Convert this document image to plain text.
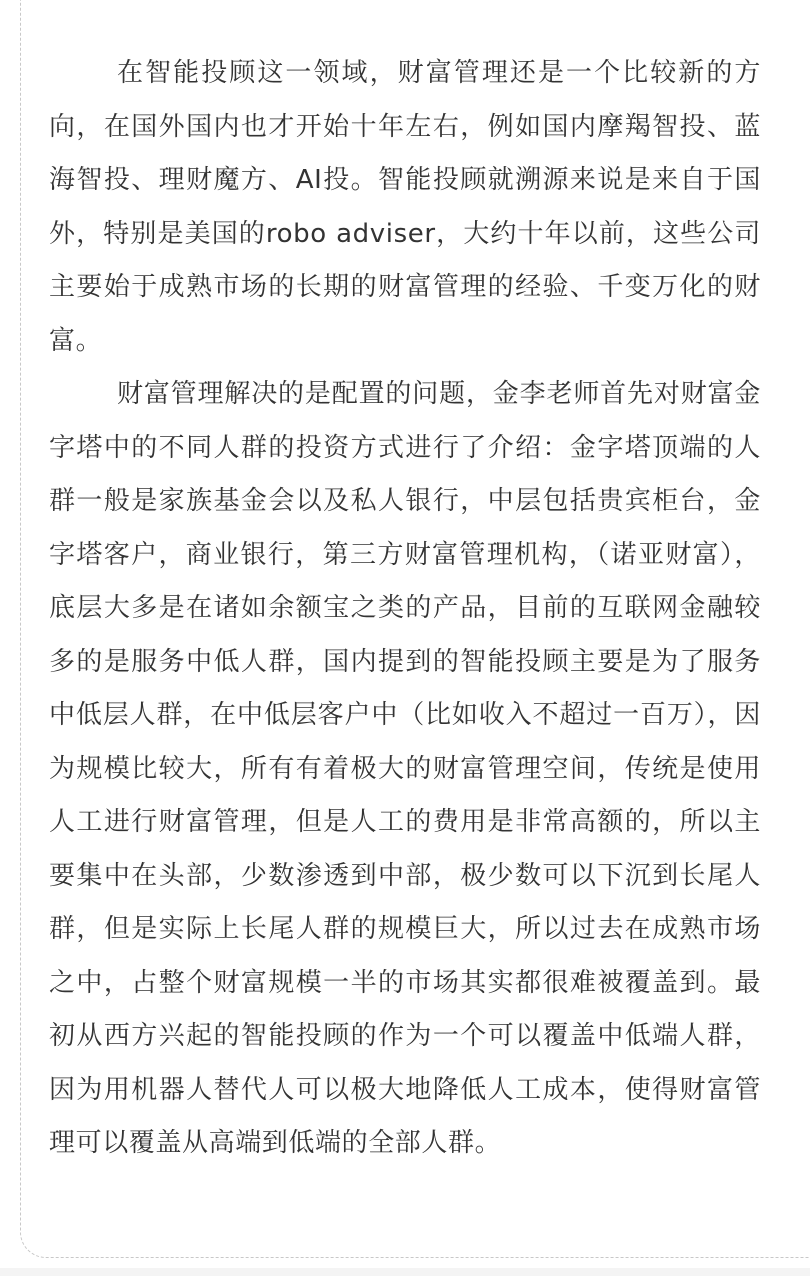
在智能投顾这一领域，财富管理还是一个比较新的方向，在国外国内也才开始十年左右，例如国内摩羯智投、蓝海智投、理财魔方、AI投。智能投顾就溯源来说是来自于国外，特别是美国的robo adviser，大约十年以前，这些公司主要始于成熟市场的长期的财富管理的经验、千变万化的财富。

财富管理解决的是配置的问题，金李老师首先对财富金字塔中的不同人群的投资方式进行了介绍：金字塔顶端的人群一般是家族基金会以及私人银行，中层包括贵宾柜台，金字塔客户，商业银行，第三方财富管理机构，（诺亚财富），底层大多是在诸如余额宝之类的产品，目前的互联网金融较多的是服务中低人群，国内提到的智能投顾主要是为了服务中低层人群，在中低层客户中（比如收入不超过一百万），因为规模比较大，所有有着极大的财富管理空间，传统是使用人工进行财富管理，但是人工的费用是非常高额的，所以主要集中在头部，少数渗透到中部，极少数可以下沉到长尾人群，但是实际上长尾人群的规模巨大，所以过去在成熟市场之中，占整个财富规模一半的市场其实都很难被覆盖到。最初从西方兴起的智能投顾的作为一个可以覆盖中低端人群，因为用机器人替代人可以极大地降低人工成本，使得财富管理可以覆盖从高端到低端的全部人群。
